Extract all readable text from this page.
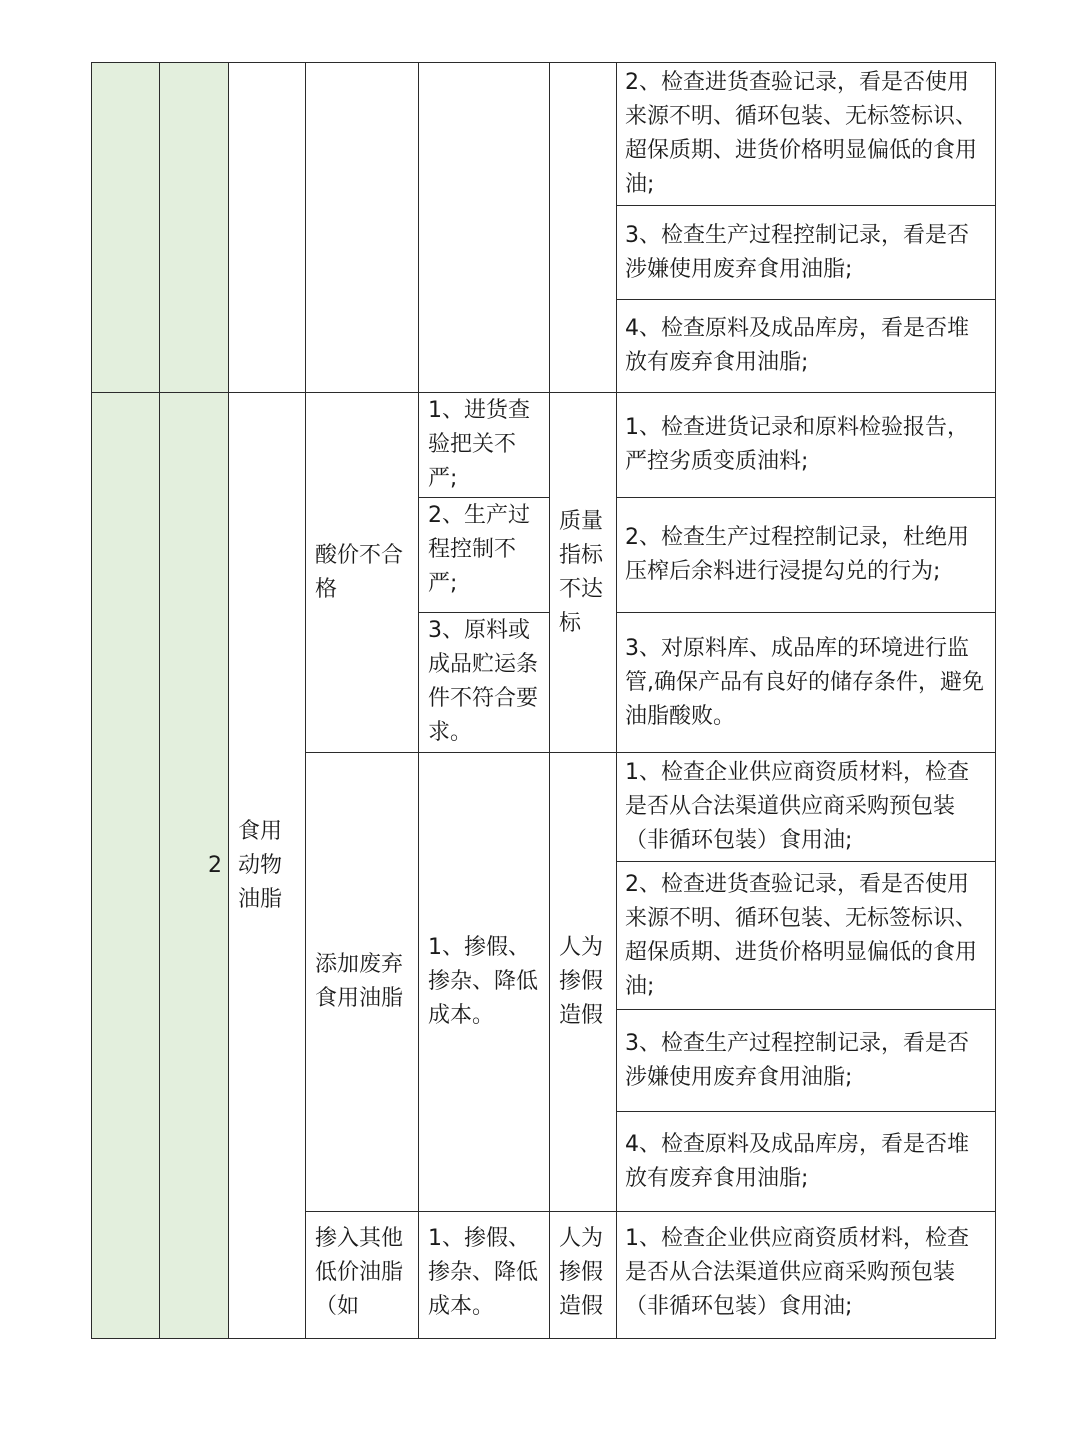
						2、检查进货查验记录，看是否使用来源不明、循环包装、无标签标识、超保质期、进货价格明显偏低的食用油;
						3、检查生产过程控制记录，看是否涉嫌使用废弃食用油脂;
						4、检查原料及成品库房，看是否堆放有废弃食用油脂;
	2	食用动物油脂	酸价不合格	1、进货查验把关不严;	质量指标不达标	1、检查进货记录和原料检验报告，严控劣质变质油料;
				2、生产过程控制不严;		2、检查生产过程控制记录，杜绝用压榨后余料进行浸提勾兑的行为;
				3、原料或成品贮运条件不符合要求。		3、对原料库、成品库的环境进行监管,确保产品有良好的储存条件，避免油脂酸败。
			添加废弃食用油脂	1、掺假、掺杂、降低成本。	人为掺假造假	1、检查企业供应商资质材料，检查是否从合法渠道供应商采购预包装（非循环包装）食用油;
						2、检查进货查验记录，看是否使用来源不明、循环包装、无标签标识、超保质期、进货价格明显偏低的食用油;
						3、检查生产过程控制记录，看是否涉嫌使用废弃食用油脂;
						4、检查原料及成品库房，看是否堆放有废弃食用油脂;
			掺入其他低价油脂（如	1、掺假、掺杂、降低成本。	人为掺假造假	1、检查企业供应商资质材料，检查是否从合法渠道供应商采购预包装（非循环包装）食用油;
